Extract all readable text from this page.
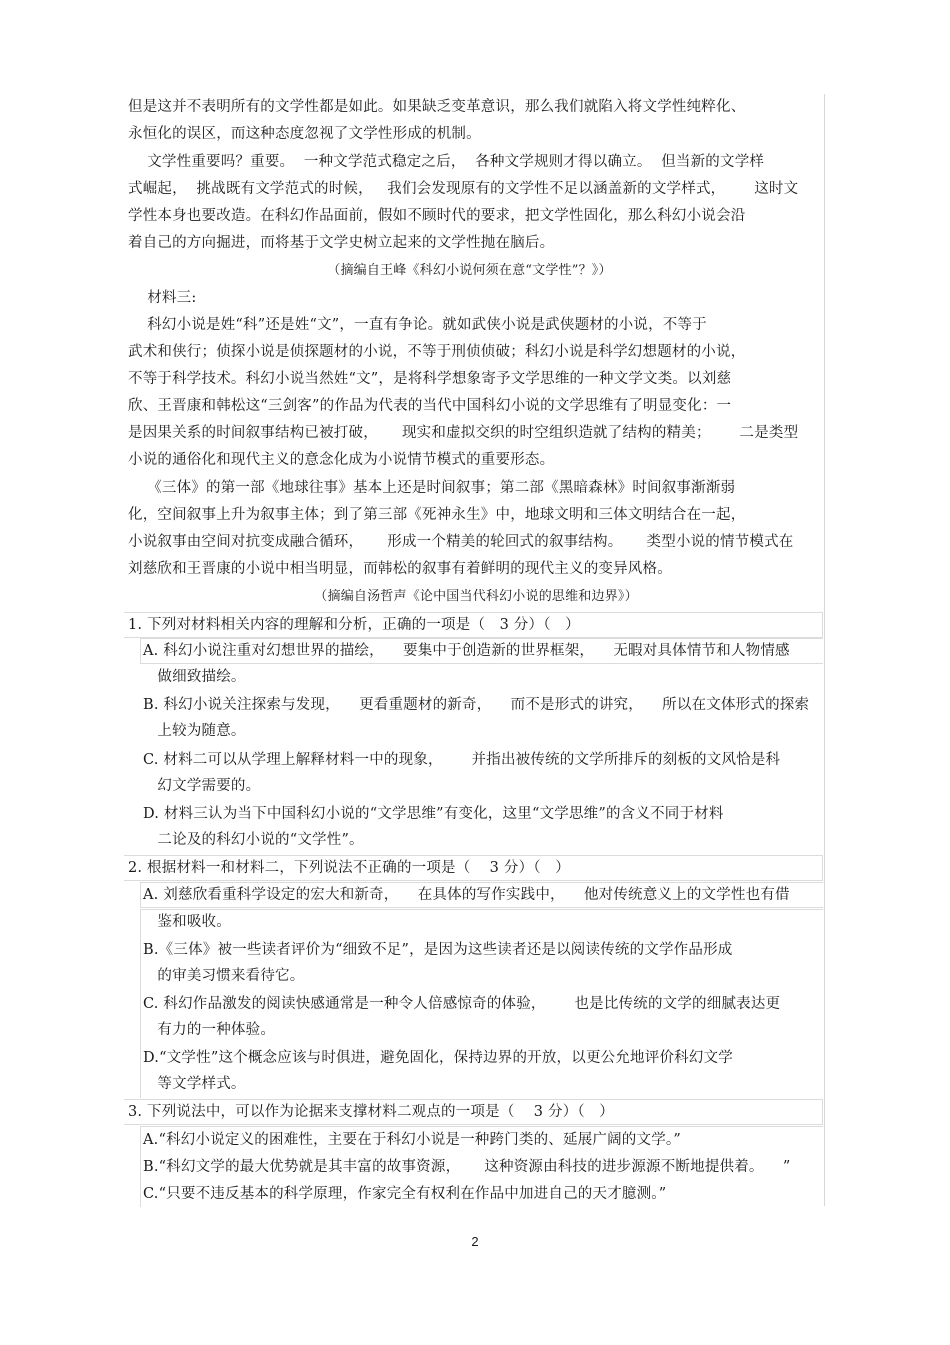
但是这并不表明所有的文学性都是如此。如果缺乏变革意识，那么我们就陷入将文学性纯粹化、
永恒化的误区，而这种态度忽视了文学性形成的机制。
文学性重要吗？重要。  一种文学范式稳定之后，  各种文学规则才得以确立。  但当新的文学样
式崛起，  挑战既有文学范式的时候，   我们会发现原有的文学性不足以涵盖新的文学样式，      这时文
学性本身也要改造。在科幻作品面前，假如不顾时代的要求，把文学性固化，那么科幻小说会沿
着自己的方向掘进，而将基于文学史树立起来的文学性抛在脑后。
（摘编自王峰《科幻小说何须在意“文学性”？》）
材料三:
科幻小说是姓“科”还是姓“文”，一直有争论。就如武侠小说是武侠题材的小说，不等于
武术和侠行；侦探小说是侦探题材的小说，不等于刑侦侦破；科幻小说是科学幻想题材的小说，
不等于科学技术。科幻小说当然姓“文”，是将科学想象寄予文学思维的一种文学文类。以刘慈
欣、王晋康和韩松这“三剑客”的作品为代表的当代中国科幻小说的文学思维有了明显变化：一
是因果关系的时间叙事结构已被打破，     现实和虚拟交织的时空组织造就了结构的精美；      二是类型
小说的通俗化和现代主义的意念化成为小说情节模式的重要形态。
《三体》的第一部《地球往事》基本上还是时间叙事；第二部《黑暗森林》时间叙事渐渐弱
化，空间叙事上升为叙事主体；到了第三部《死神永生》中，地球文明和三体文明结合在一起，
小说叙事由空间对抗变成融合循环，     形成一个精美的轮回式的叙事结构。     类型小说的情节模式在
刘慈欣和王晋康的小说中相当明显，而韩松的叙事有着鲜明的现代主义的变异风格。
（摘编自汤哲声《论中国当代科幻小说的思维和边界》）
1. 下列对材料相关内容的理解和分析，正确的一项是（   3 分）（   ）
A. 科幻小说注重对幻想世界的描绘，    要集中于创造新的世界框架，    无暇对具体情节和人物情感
做细致描绘。
B. 科幻小说关注探索与发现，    更看重题材的新奇，    而不是形式的讲究，    所以在文体形式的探索
上较为随意。
C. 材料二可以从学理上解释材料一中的现象，      并指出被传统的文学所排斥的刻板的文风恰是科
幻文学需要的。
D. 材料三认为当下中国科幻小说的“文学思维”有变化，这里“文学思维”的含义不同于材料
二论及的科幻小说的“文学性”。
2. 根据材料一和材料二，下列说法不正确的一项是（    3 分）（   ）
A. 刘慈欣看重科学设定的宏大和新奇，    在具体的写作实践中，    他对传统意义上的文学性也有借
鉴和吸收。
B.《三体》被一些读者评价为“细致不足”，是因为这些读者还是以阅读传统的文学作品形成
的审美习惯来看待它。
C. 科幻作品激发的阅读快感通常是一种令人倍感惊奇的体验，      也是比传统的文学的细腻表达更
有力的一种体验。
D.“文学性”这个概念应该与时俱进，避免固化，保持边界的开放，以更公允地评价科幻文学
等文学样式。
3. 下列说法中，可以作为论据来支撑材料二观点的一项是（    3 分）（   ）
A.“科幻小说定义的困难性，主要在于科幻小说是一种跨门类的、延展广阔的文学。”
B.“科幻文学的最大优势就是其丰富的故事资源，     这种资源由科技的进步源源不断地提供着。    ”
C.“只要不违反基本的科学原理，作家完全有权利在作品中加进自己的天才臆测。”
2
